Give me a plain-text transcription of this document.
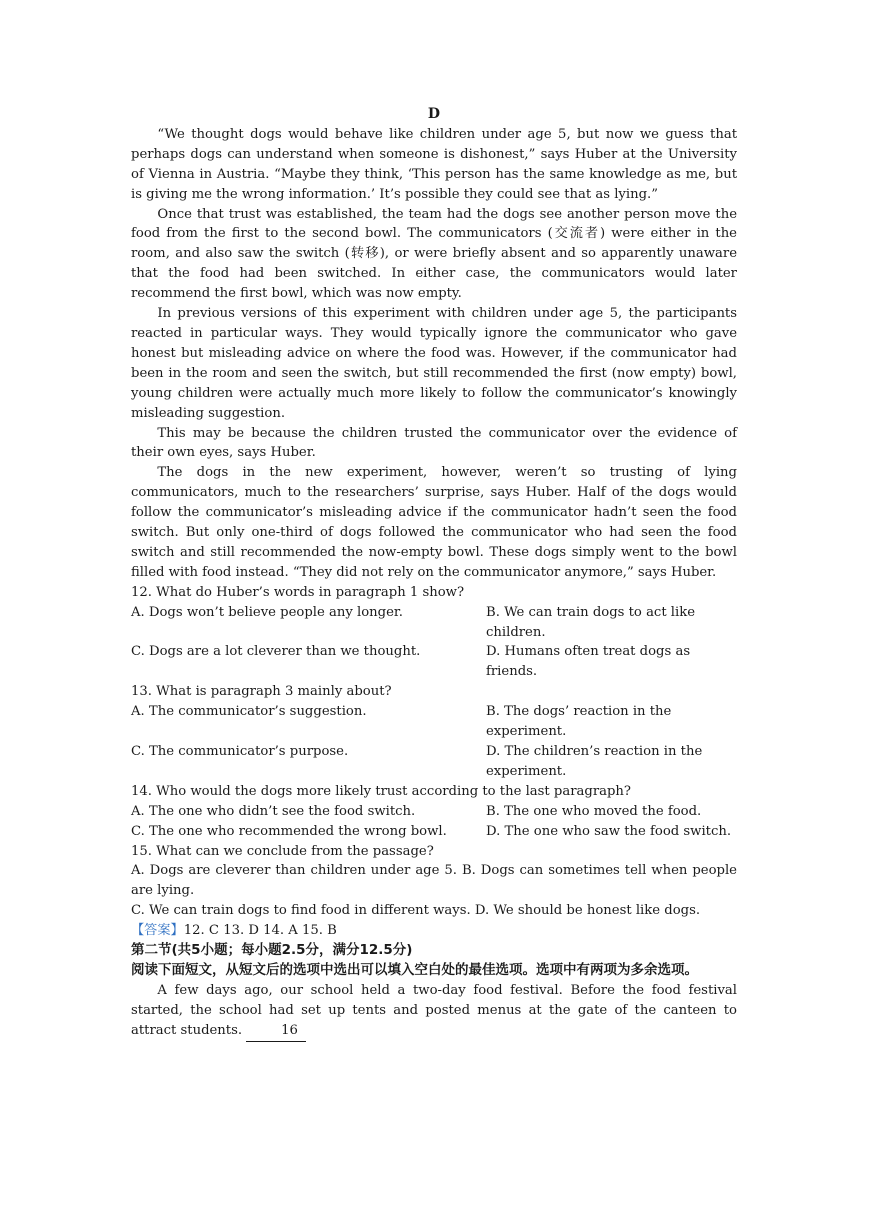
D

“We thought dogs would behave like children under age 5, but now we guess that perhaps dogs can understand when someone is dishonest,” says Huber at the University of Vienna in Austria. “Maybe they think, ‘This person has the same knowledge as me, but is giving me the wrong information.’ It’s possible they could see that as lying.”

Once that trust was established, the team had the dogs see another person move the food from the first to the second bowl. The communicators (交流者) were either in the room, and also saw the switch (转移), or were briefly absent and so apparently unaware that the food had been switched. In either case, the communicators would later recommend the first bowl, which was now empty.

In previous versions of this experiment with children under age 5, the participants reacted in particular ways. They would typically ignore the communicator who gave honest but misleading advice on where the food was. However, if the communicator had been in the room and seen the switch, but still recommended the first (now empty) bowl, young children were actually much more likely to follow the communicator’s knowingly misleading suggestion.

This may be because the children trusted the communicator over the evidence of their own eyes, says Huber.

The dogs in the new experiment, however, weren’t so trusting of lying communicators, much to the researchers’ surprise, says Huber. Half of the dogs would follow the communicator’s misleading advice if the communicator hadn’t seen the food switch. But only one-third of dogs followed the communicator who had seen the food switch and still recommended the now-empty bowl. These dogs simply went to the bowl filled with food instead. “They did not rely on the communicator anymore,” says Huber.

12. What do Huber’s words in paragraph 1 show?

A. Dogs won’t believe people any longer.	B. We can train dogs to act like children.
C. Dogs are a lot cleverer than we thought.	D. Humans often treat dogs as friends.

13. What is paragraph 3 mainly about?

A. The communicator’s suggestion.	B. The dogs’ reaction in the experiment.
C. The communicator’s purpose.	D. The children’s reaction in the experiment.

14. Who would the dogs more likely trust according to the last paragraph?

A. The one who didn’t see the food switch.	B. The one who moved the food.
C. The one who recommended the wrong bowl.	D. The one who saw the food switch.

15. What can we conclude from the passage?

A. Dogs are cleverer than children under age 5. B. Dogs can sometimes tell when people are lying.

C. We can train dogs to find food in different ways. D. We should be honest like dogs.

【答案】12. C 13. D 14. A 15. B

第二节(共5小题；每小题2.5分，满分12.5分)

阅读下面短文，从短文后的选项中选出可以填入空白处的最佳选项。选项中有两项为多余选项。

A few days ago, our school held a two-day food festival. Before the food festival started, the school had set up tents and posted menus at the gate of the canteen to attract students.	16
